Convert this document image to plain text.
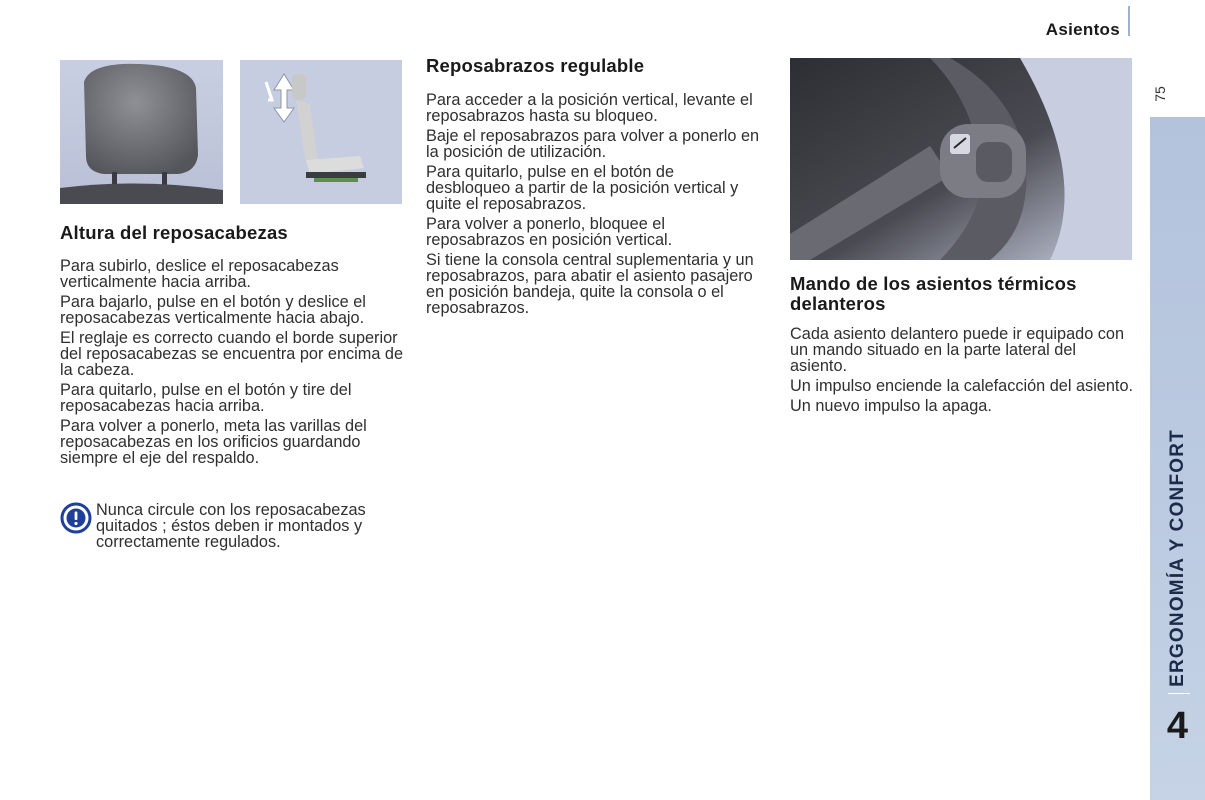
Asientos
75
ERGONOMÍA Y CONFORT
4
Altura del reposacabezas

Para subirlo, deslice el reposacabezas verticalmente hacia arriba.

Para bajarlo, pulse en el botón y deslice el reposacabezas verticalmente hacia abajo.

El reglaje es correcto cuando el borde superior del reposacabezas se encuentra por encima de la cabeza.

Para quitarlo, pulse en el botón y tire del reposacabezas hacia arriba.

Para volver a ponerlo, meta las varillas del reposacabezas en los orificios guardando siempre el eje del respaldo.

Nunca circule con los reposacabezas quitados ; éstos deben ir montados y correctamente regulados.

Reposabrazos regulable

Para acceder a la posición vertical, levante el reposabrazos hasta su bloqueo.

Baje el reposabrazos para volver a ponerlo en la posición de utilización.

Para quitarlo, pulse en el botón de desbloqueo a partir de la posición vertical y quite el reposabrazos.

Para volver a ponerlo, bloquee el reposabrazos en posición vertical.

Si tiene la consola central suplementaria y un reposabrazos, para abatir el asiento pasajero en posición bandeja, quite la consola o el reposabrazos.

Mando de los asientos térmicos delanteros

Cada asiento delantero puede ir equipado con un mando situado en la parte lateral del asiento.

Un impulso enciende la calefacción del asiento.

Un nuevo impulso la apaga.
